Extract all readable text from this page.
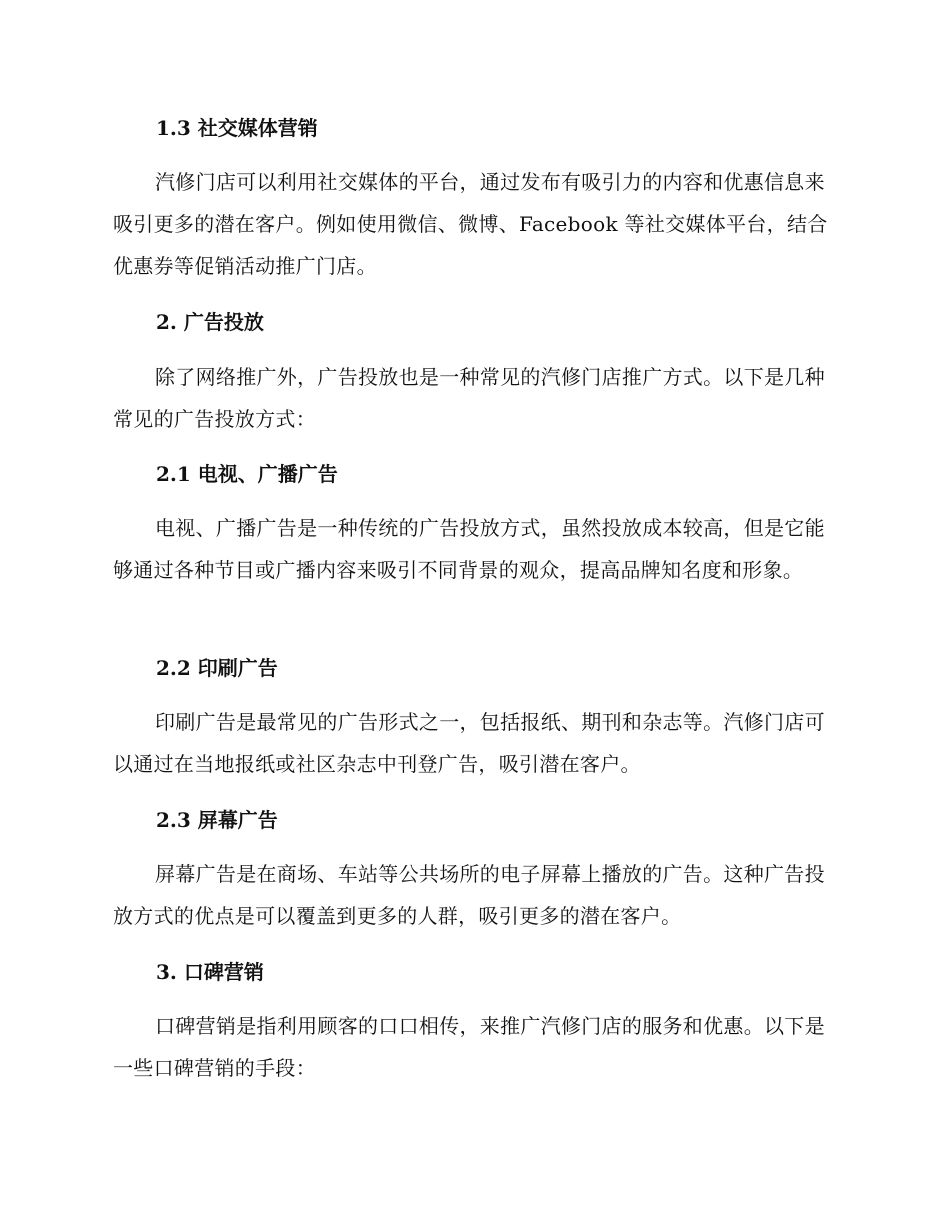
1.3 社交媒体营销

汽修门店可以利用社交媒体的平台，通过发布有吸引力的内容和优惠信息来吸引更多的潜在客户。例如使用微信、微博、Facebook 等社交媒体平台，结合优惠券等促销活动推广门店。

2. 广告投放

除了网络推广外，广告投放也是一种常见的汽修门店推广方式。以下是几种常见的广告投放方式：

2.1 电视、广播广告

电视、广播广告是一种传统的广告投放方式，虽然投放成本较高，但是它能够通过各种节目或广播内容来吸引不同背景的观众，提高品牌知名度和形象。

2.2 印刷广告

印刷广告是最常见的广告形式之一，包括报纸、期刊和杂志等。汽修门店可以通过在当地报纸或社区杂志中刊登广告，吸引潜在客户。

2.3 屏幕广告

屏幕广告是在商场、车站等公共场所的电子屏幕上播放的广告。这种广告投放方式的优点是可以覆盖到更多的人群，吸引更多的潜在客户。

3. 口碑营销

口碑营销是指利用顾客的口口相传，来推广汽修门店的服务和优惠。以下是一些口碑营销的手段：
